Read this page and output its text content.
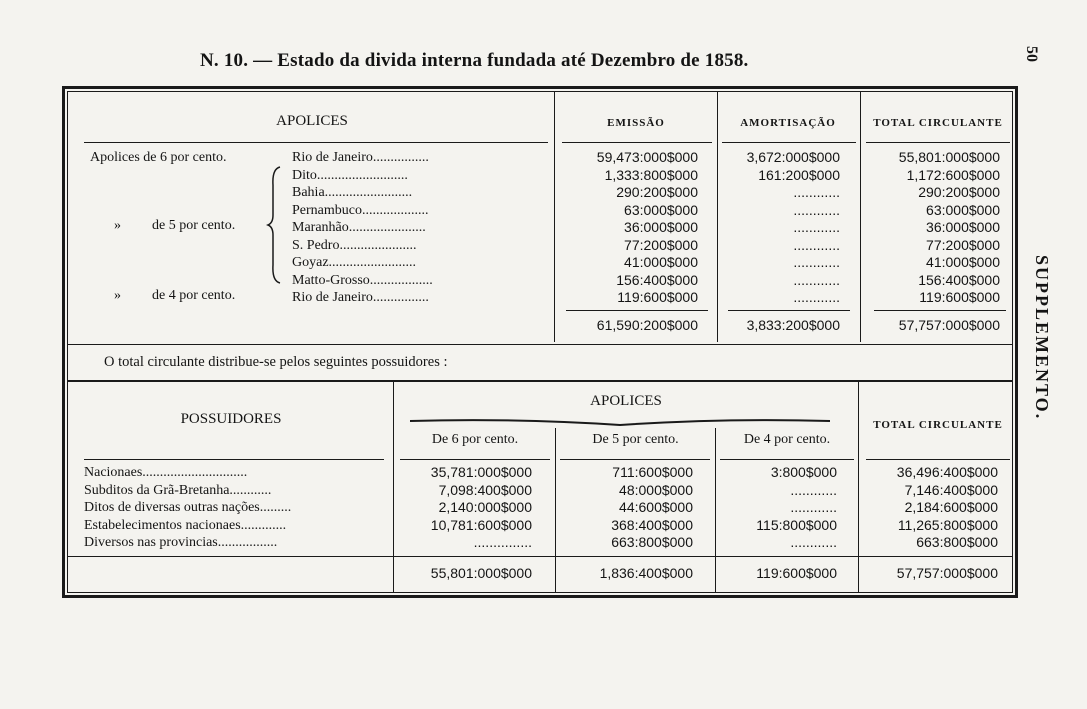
N. 10. — Estado da divida interna fundada até Dezembro de 1858.	50
SUPPLEMENTO.
APOLICES	EMISSÃO	AMORTISAÇÃO	TOTAL CIRCULANTE
Apolices de 6 por cento.
» de 5 por cento.
» de 4 por cento.
Rio de Janeiro................	59,473:000$000	3,672:000$000	55,801:000$000
Dito..........................	1,333:800$000	161:200$000	1,172:600$000
Bahia.........................	290:200$000	............	290:200$000
Pernambuco...................	63:000$000	............	63:000$000
Maranhão......................	36:000$000	............	36:000$000
S. Pedro......................	77:200$000	............	77:200$000
Goyaz.........................	41:000$000	............	41:000$000
Matto-Grosso..................	156:400$000	............	156:400$000
Rio de Janeiro................	119:600$000	............	119:600$000
61,590:200$000	3,833:200$000	57,757:000$000
O total circulante distribue-se pelos seguintes possuidores :
POSSUIDORES
APOLICES
De 6 por cento.	De 5 por cento.	De 4 por cento.
TOTAL CIRCULANTE
Nacionaes..............................	35,781:000$000	711:600$000	3:800$000	36,496:400$000
Subditos da Grã-Bretanha............	7,098:400$000	48:000$000	............	7,146:400$000
Ditos de diversas outras nações.........	2,140:000$000	44:600$000	............	2,184:600$000
Estabelecimentos nacionaes.............	10,781:600$000	368:400$000	115:800$000	11,265:800$000
Diversos nas provincias.................	...............	663:800$000	............	663:800$000
55,801:000$000	1,836:400$000	119:600$000	57,757:000$000
